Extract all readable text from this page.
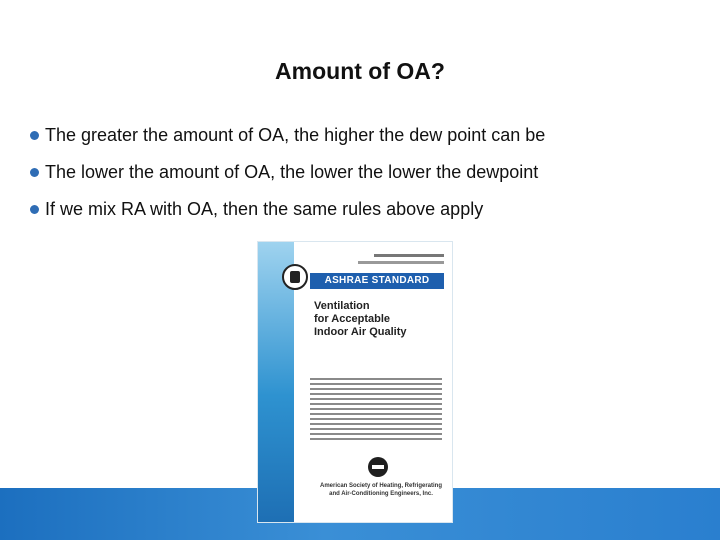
Amount of OA?
The greater the amount of OA, the higher the dew point can be
The lower the amount of OA, the lower the lower the dewpoint
If we mix RA with OA, then the same rules above apply
ASHRAE STANDARD
Ventilation
for Acceptable
Indoor Air Quality
American Society of Heating, Refrigerating
and Air-Conditioning Engineers, Inc.
